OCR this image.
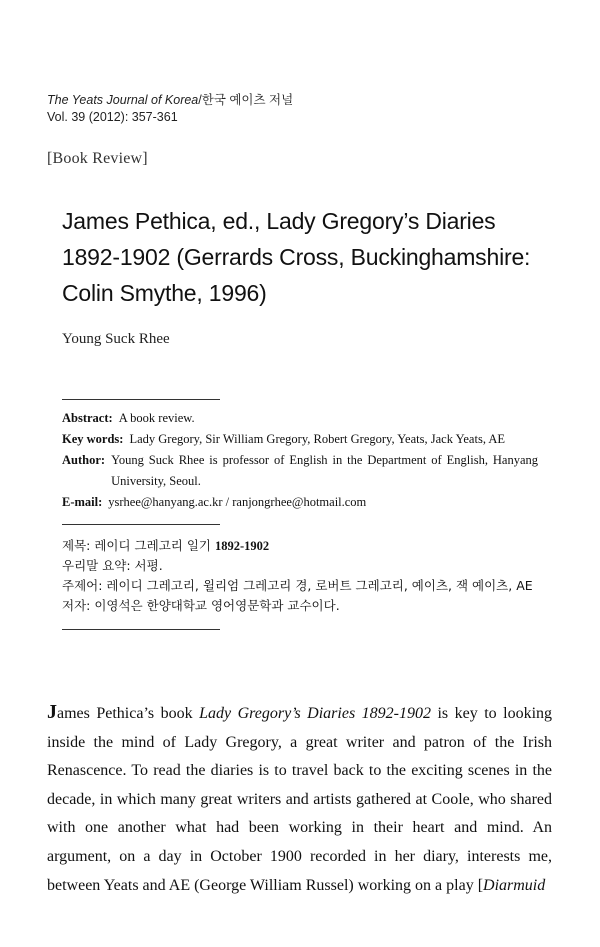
The Yeats Journal of Korea/한국 예이츠 저널
Vol. 39 (2012): 357-361
[Book Review]
James Pethica, ed., Lady Gregory’s Diaries
1892-1902 (Gerrards Cross, Buckinghamshire:
Colin Smythe, 1996)
Young Suck Rhee
Abstract: A book review.
Key words: Lady Gregory, Sir William Gregory, Robert Gregory, Yeats, Jack Yeats, AE
Author: Young Suck Rhee is professor of English in the Department of English, Hanyang University, Seoul.
E-mail: ysrhee@hanyang.ac.kr / ranjongrhee@hotmail.com
제목: 레이디 그레고리 일기 1892-1902
우리말 요약: 서평.
주제어: 레이디 그레고리, 윌리엄 그레고리 경, 로버트 그레고리, 예이츠, 잭 예이츠, AE
저자: 이영석은 한양대학교 영어영문학과 교수이다.
James Pethica’s book Lady Gregory’s Diaries 1892-1902 is key to looking inside the mind of Lady Gregory, a great writer and patron of the Irish Renascence. To read the diaries is to travel back to the exciting scenes in the decade, in which many great writers and artists gathered at Coole, who shared with one another what had been working in their heart and mind. An argument, on a day in October 1900 recorded in her diary, interests me, between Yeats and AE (George William Russel) working on a play [Diarmuid
